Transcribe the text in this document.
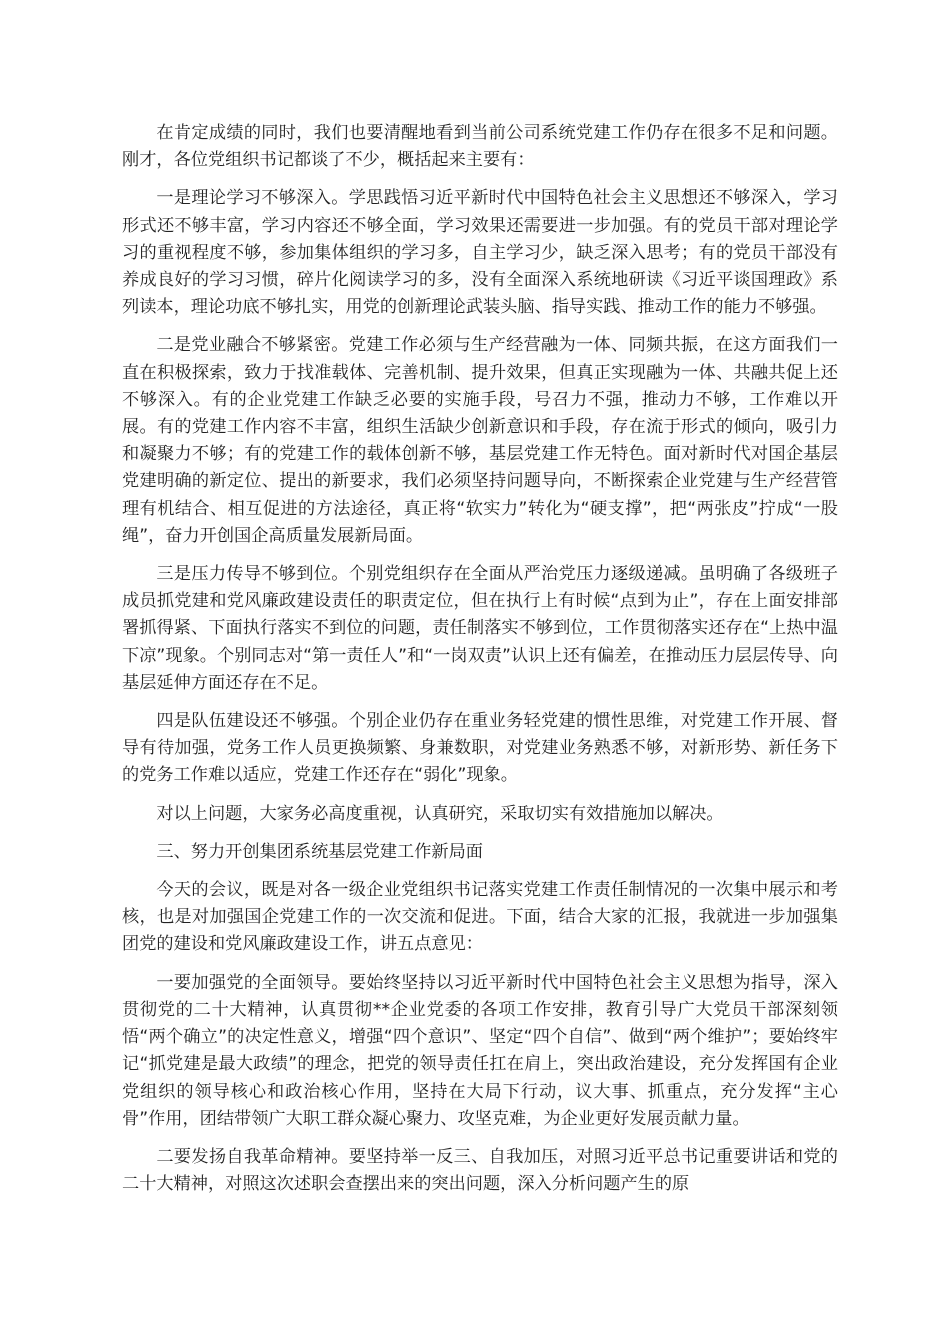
在肯定成绩的同时，我们也要清醒地看到当前公司系统党建工作仍存在很多不足和问题。刚才，各位党组织书记都谈了不少，概括起来主要有：

一是理论学习不够深入。学思践悟习近平新时代中国特色社会主义思想还不够深入，学习形式还不够丰富，学习内容还不够全面，学习效果还需要进一步加强。有的党员干部对理论学习的重视程度不够，参加集体组织的学习多，自主学习少，缺乏深入思考；有的党员干部没有养成良好的学习习惯，碎片化阅读学习的多，没有全面深入系统地研读《习近平谈国理政》系列读本，理论功底不够扎实，用党的创新理论武装头脑、指导实践、推动工作的能力不够强。

二是党业融合不够紧密。党建工作必须与生产经营融为一体、同频共振，在这方面我们一直在积极探索，致力于找准载体、完善机制、提升效果，但真正实现融为一体、共融共促上还不够深入。有的企业党建工作缺乏必要的实施手段，号召力不强，推动力不够，工作难以开展。有的党建工作内容不丰富，组织生活缺少创新意识和手段，存在流于形式的倾向，吸引力和凝聚力不够；有的党建工作的载体创新不够，基层党建工作无特色。面对新时代对国企基层党建明确的新定位、提出的新要求，我们必须坚持问题导向，不断探索企业党建与生产经营管理有机结合、相互促进的方法途径，真正将“软实力”转化为“硬支撑”，把“两张皮”拧成“一股绳”，奋力开创国企高质量发展新局面。

三是压力传导不够到位。个别党组织存在全面从严治党压力逐级递减。虽明确了各级班子成员抓党建和党风廉政建设责任的职责定位，但在执行上有时候“点到为止”，存在上面安排部署抓得紧、下面执行落实不到位的问题，责任制落实不够到位，工作贯彻落实还存在“上热中温下凉”现象。个别同志对“第一责任人”和“一岗双责”认识上还有偏差，在推动压力层层传导、向基层延伸方面还存在不足。

四是队伍建设还不够强。个别企业仍存在重业务轻党建的惯性思维，对党建工作开展、督导有待加强，党务工作人员更换频繁、身兼数职，对党建业务熟悉不够，对新形势、新任务下的党务工作难以适应，党建工作还存在“弱化”现象。

对以上问题，大家务必高度重视，认真研究，采取切实有效措施加以解决。

三、努力开创集团系统基层党建工作新局面

今天的会议，既是对各一级企业党组织书记落实党建工作责任制情况的一次集中展示和考核，也是对加强国企党建工作的一次交流和促进。下面，结合大家的汇报，我就进一步加强集团党的建设和党风廉政建设工作，讲五点意见：

一要加强党的全面领导。要始终坚持以习近平新时代中国特色社会主义思想为指导，深入贯彻党的二十大精神，认真贯彻**企业党委的各项工作安排，教育引导广大党员干部深刻领悟“两个确立”的决定性意义，增强“四个意识”、坚定“四个自信”、做到“两个维护”；要始终牢记“抓党建是最大政绩”的理念，把党的领导责任扛在肩上，突出政治建设，充分发挥国有企业党组织的领导核心和政治核心作用，坚持在大局下行动，议大事、抓重点，充分发挥“主心骨”作用，团结带领广大职工群众凝心聚力、攻坚克难，为企业更好发展贡献力量。

二要发扬自我革命精神。要坚持举一反三、自我加压，对照习近平总书记重要讲话和党的二十大精神，对照这次述职会查摆出来的突出问题，深入分析问题产生的原
